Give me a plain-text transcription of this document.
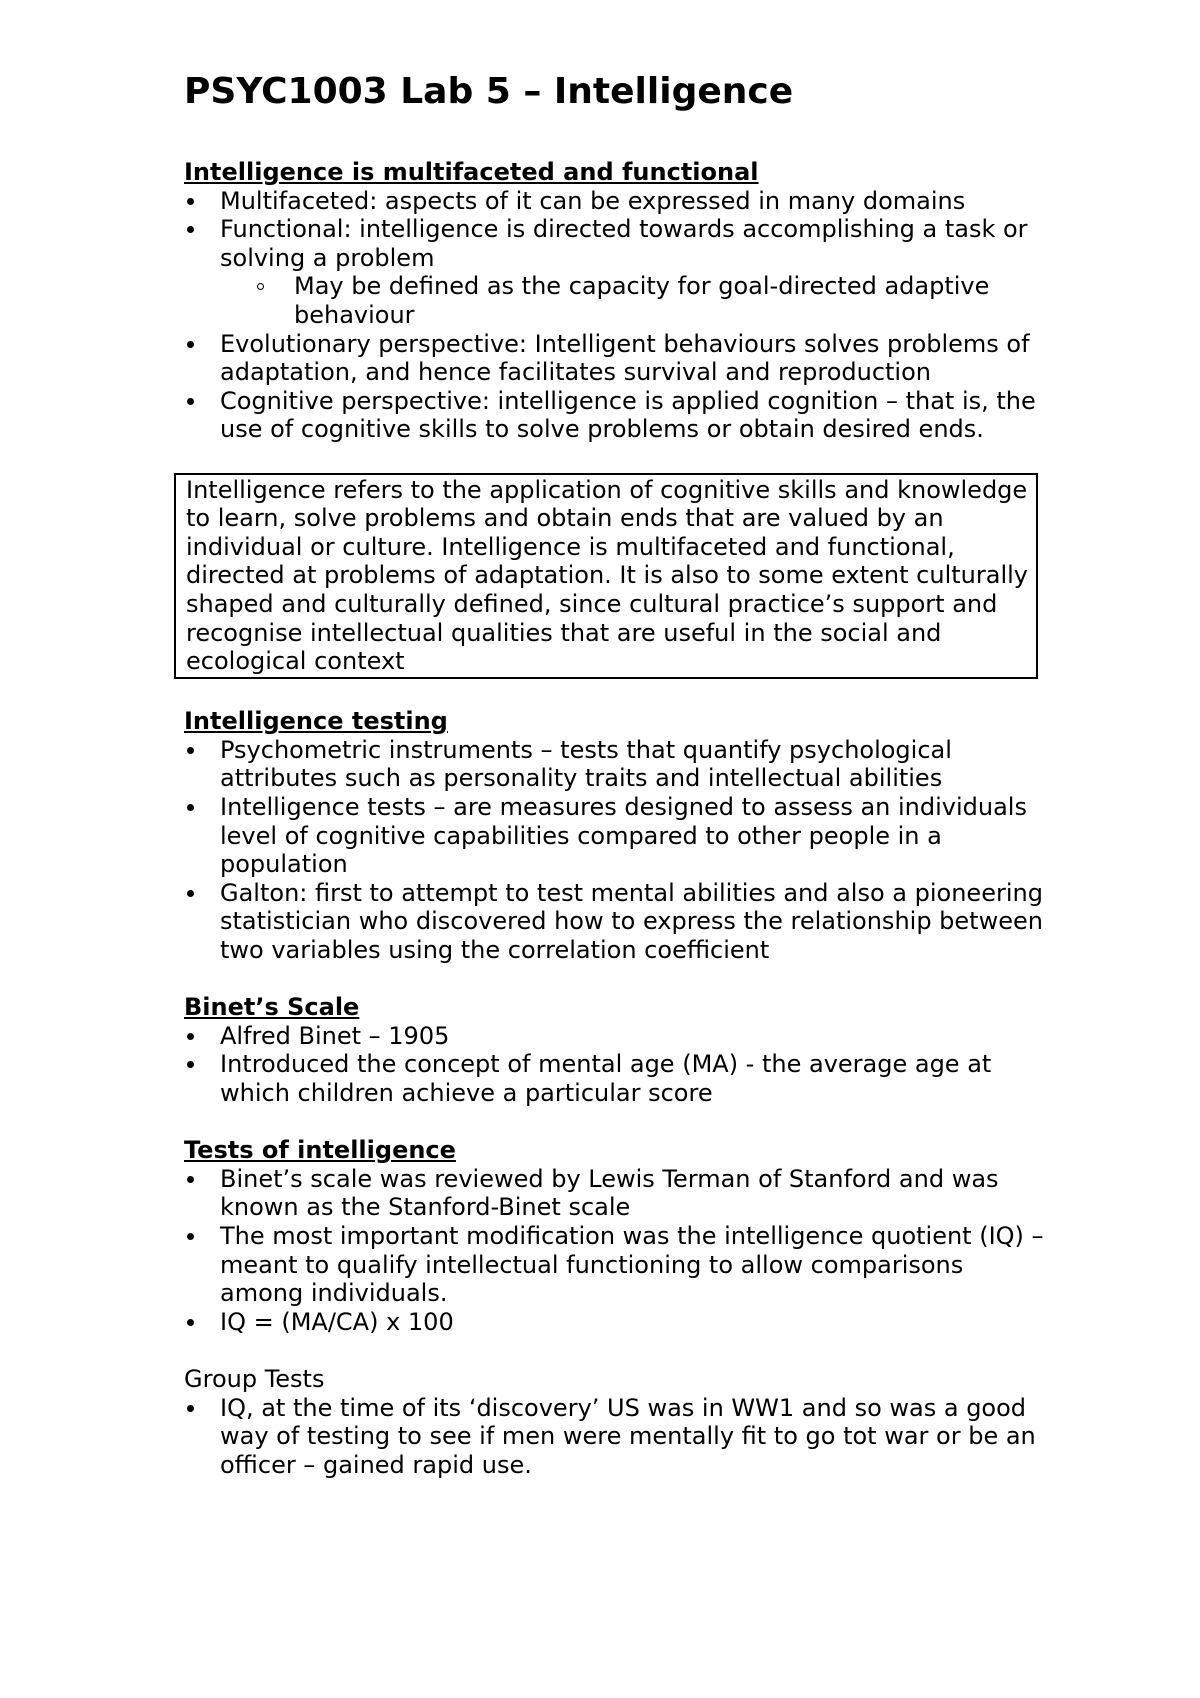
PSYC1003 Lab 5 – Intelligence

Intelligence is multifaceted and functional

Multifaceted: aspects of it can be expressed in many domains
Functional: intelligence is directed towards accomplishing a task or solving a problem
May be defined as the capacity for goal-directed adaptive behaviour
Evolutionary perspective: Intelligent behaviours solves problems of adaptation, and hence facilitates survival and reproduction
Cognitive perspective: intelligence is applied cognition – that is, the use of cognitive skills to solve problems or obtain desired ends.
Intelligence refers to the application of cognitive skills and knowledge to learn, solve problems and obtain ends that are valued by an individual or culture. Intelligence is multifaceted and functional, directed at problems of adaptation. It is also to some extent culturally shaped and culturally defined, since cultural practice’s support and recognise intellectual qualities that are useful in the social and ecological context

Intelligence testing

Psychometric instruments – tests that quantify psychological attributes such as personality traits and intellectual abilities
Intelligence tests – are measures designed to assess an individuals level of cognitive capabilities compared to other people in a population
Galton: first to attempt to test mental abilities and also a pioneering statistician who discovered how to express the relationship between two variables using the correlation coefficient

Binet’s Scale

Alfred Binet – 1905
Introduced the concept of mental age (MA) - the average age at which children achieve a particular score

Tests of intelligence

Binet’s scale was reviewed by Lewis Terman of Stanford and was known as the Stanford-Binet scale
The most important modification was the intelligence quotient (IQ) – meant to qualify intellectual functioning to allow comparisons among individuals.
IQ = (MA/CA) x 100

Group Tests

IQ, at the time of its ‘discovery’ US was in WW1 and so was a good way of testing to see if men were mentally fit to go tot war or be an officer – gained rapid use.
